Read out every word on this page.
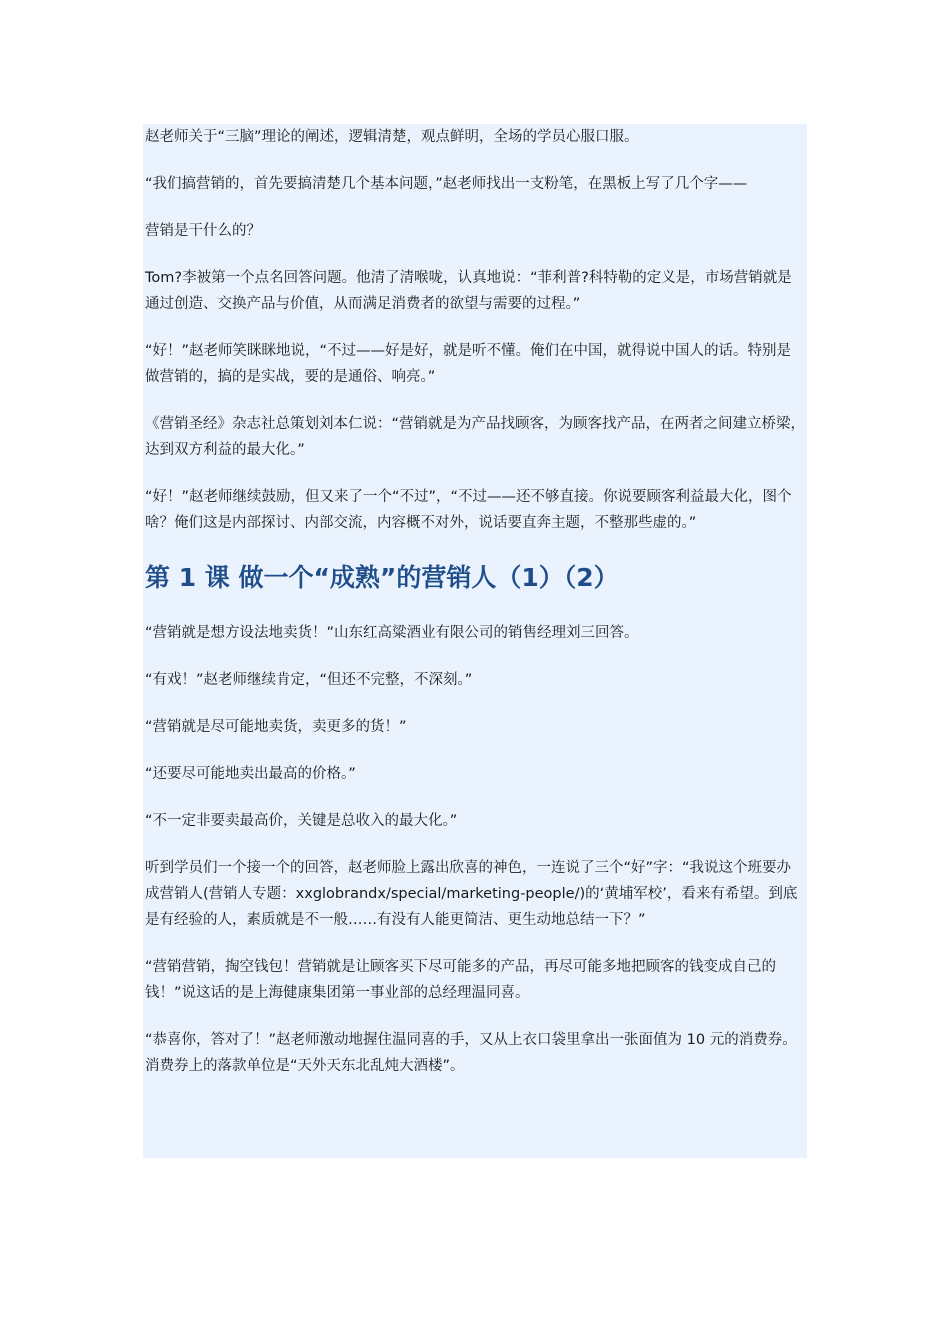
赵老师关于“三脑”理论的阐述，逻辑清楚，观点鲜明，全场的学员心服口服。

“我们搞营销的，首先要搞清楚几个基本问题，”赵老师找出一支粉笔，在黑板上写了几个字——

营销是干什么的？

Tom?李被第一个点名回答问题。他清了清喉咙，认真地说：“菲利普?科特勒的定义是，市场营销就是通过创造、交换产品与价值，从而满足消费者的欲望与需要的过程。”

“好！”赵老师笑眯眯地说，“不过——好是好，就是听不懂。俺们在中国，就得说中国人的话。特别是做营销的，搞的是实战，要的是通俗、响亮。”

《营销圣经》杂志社总策划刘本仁说：“营销就是为产品找顾客，为顾客找产品，在两者之间建立桥梁，达到双方利益的最大化。”

“好！”赵老师继续鼓励，但又来了一个“不过”，“不过——还不够直接。你说要顾客利益最大化，图个啥？俺们这是内部探讨、内部交流，内容概不对外，说话要直奔主题，不整那些虚的。”

第 1 课 做一个“成熟”的营销人（1）（2）

“营销就是想方设法地卖货！”山东红高粱酒业有限公司的销售经理刘三回答。

“有戏！”赵老师继续肯定，“但还不完整，不深刻。”

“营销就是尽可能地卖货，卖更多的货！”

“还要尽可能地卖出最高的价格。”

“不一定非要卖最高价，关键是总收入的最大化。”

听到学员们一个接一个的回答，赵老师脸上露出欣喜的神色，一连说了三个“好”字：“我说这个班要办成营销人(营销人专题：xxglobrandx/special/marketing-people/)的‘黄埔军校’，看来有希望。到底是有经验的人，素质就是不一般……有没有人能更简洁、更生动地总结一下？”

“营销营销，掏空钱包！营销就是让顾客买下尽可能多的产品，再尽可能多地把顾客的钱变成自己的钱！”说这话的是上海健康集团第一事业部的总经理温同喜。

“恭喜你，答对了！”赵老师激动地握住温同喜的手，又从上衣口袋里拿出一张面值为 10 元的消费券。消费券上的落款单位是“天外天东北乱炖大酒楼”。
